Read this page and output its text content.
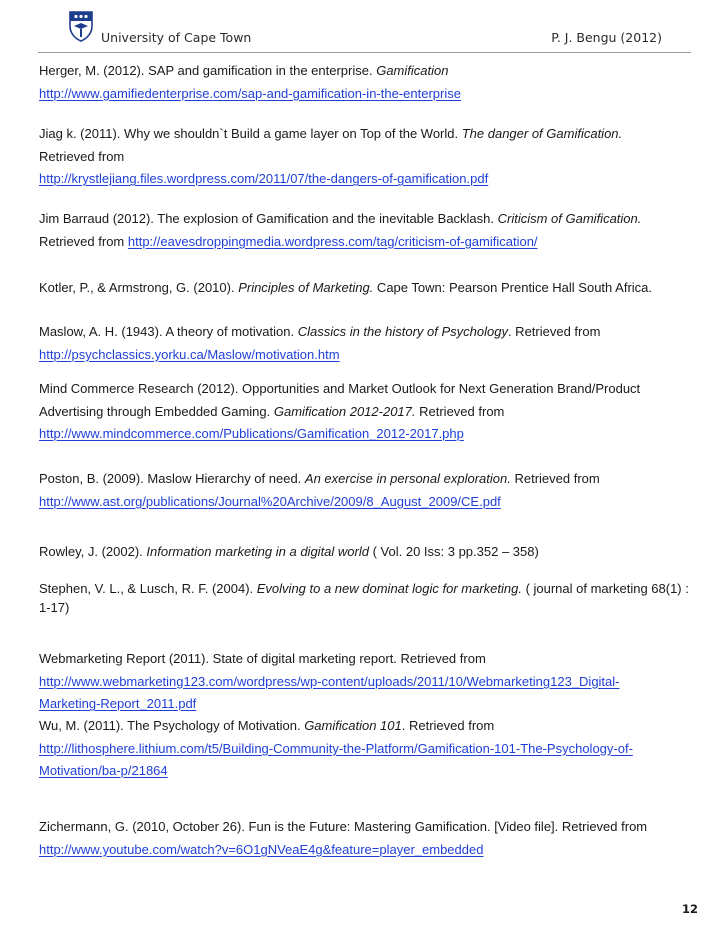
University of Cape Town	P. J. Bengu (2012)
Herger, M. (2012). SAP and gamification in the enterprise. Gamification
http://www.gamifiedenterprise.com/sap-and-gamification-in-the-enterprise
Jiag k. (2011). Why we shouldn`t Build a game layer on Top of the World. The danger of Gamification.
Retrieved from
http://krystlejiang.files.wordpress.com/2011/07/the-dangers-of-gamification.pdf
Jim Barraud (2012). The explosion of Gamification and the inevitable Backlash. Criticism of Gamification.
Retrieved from http://eavesdroppingmedia.wordpress.com/tag/criticism-of-gamification/
Kotler, P., & Armstrong, G. (2010). Principles of Marketing. Cape Town: Pearson Prentice Hall South Africa.
Maslow, A. H. (1943). A theory of motivation. Classics in the history of Psychology. Retrieved from
http://psychclassics.yorku.ca/Maslow/motivation.htm
Mind Commerce Research (2012). Opportunities and Market Outlook for Next Generation Brand/Product Advertising through Embedded Gaming. Gamification 2012-2017. Retrieved from
http://www.mindcommerce.com/Publications/Gamification_2012-2017.php
Poston, B. (2009). Maslow Hierarchy of need. An exercise in personal exploration. Retrieved from
http://www.ast.org/publications/Journal%20Archive/2009/8_August_2009/CE.pdf
Rowley, J. (2002). Information marketing in a digital world ( Vol. 20 Iss: 3 pp.352 – 358)
Stephen, V. L., & Lusch, R. F. (2004). Evolving to a new dominat logic for marketing. ( journal of marketing 68(1) : 1-17)
Webmarketing Report (2011). State of digital marketing report. Retrieved from
http://www.webmarketing123.com/wordpress/wp-content/uploads/2011/10/Webmarketing123_Digital-
Marketing-Report_2011.pdf
Wu, M. (2011). The Psychology of Motivation. Gamification 101. Retrieved from
http://lithosphere.lithium.com/t5/Building-Community-the-Platform/Gamification-101-The-Psychology-of-
Motivation/ba-p/21864
Zichermann, G. (2010, October 26). Fun is the Future: Mastering Gamification. [Video file]. Retrieved from
http://www.youtube.com/watch?v=6O1gNVeaE4g&feature=player_embedded
12
